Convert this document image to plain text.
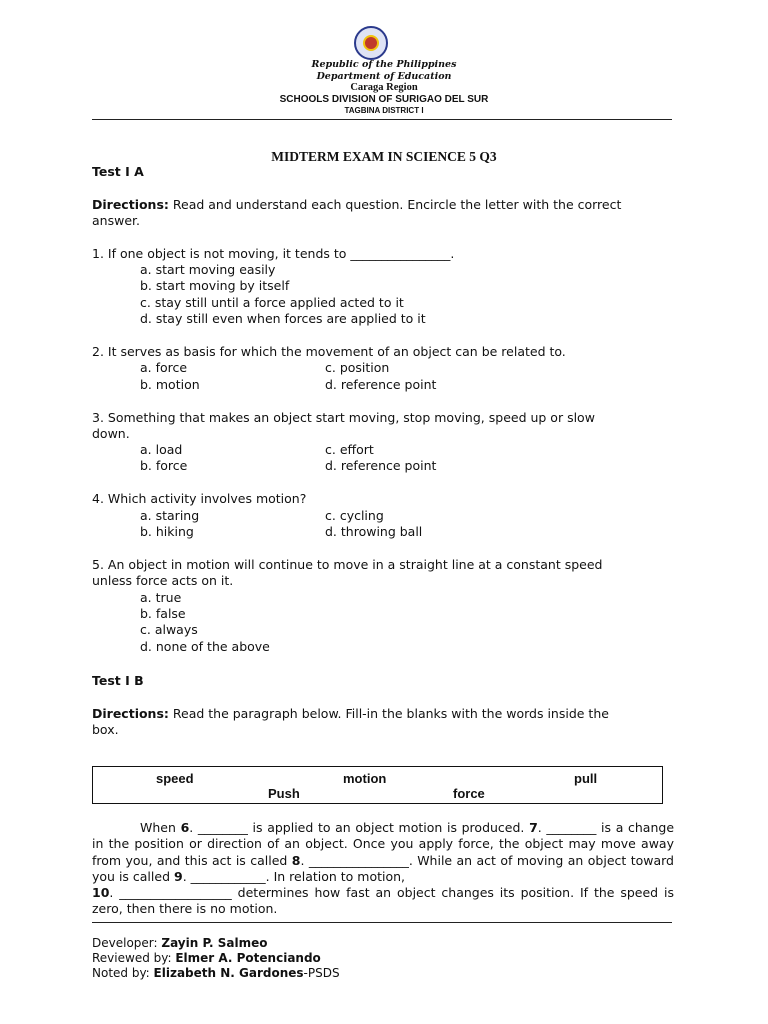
Republic of the Philippines
Department of Education
Caraga Region
SCHOOLS DIVISION OF SURIGAO DEL SUR
TAGBINA DISTRICT I
MIDTERM EXAM IN SCIENCE 5 Q3
Test I A
Directions: Read and understand each question. Encircle the letter with the correct
answer.
1. If one object is not moving, it tends to ________________.
a. start moving easily
b. start moving by itself
c. stay still until a force applied acted to it
d. stay still even when forces are applied to it
2. It serves as basis for which the movement of an object can be related to.
a. force	c. position
b. motion	d. reference point
3. Something that makes an object start moving, stop moving, speed up or slow
down.
a. load	c. effort
b. force	d. reference point
4. Which activity involves motion?
a. staring	c. cycling
b. hiking	d. throwing ball
5. An object in motion will continue to move in a straight line at a constant speed
unless force acts on it.
a. true
b. false
c. always
d. none of the above
Test I B
Directions: Read the paragraph below. Fill-in the blanks with the words inside the
box.
speed	motion	pull
Push	force

When 6. ________ is applied to an object motion is produced. 7. ________ is a change in the position or direction of an object. Once you apply force, the object may move away from you, and this act is called 8. ________________. While an act of moving an object toward you is called 9. ____________. In relation to motion,

10. __________________ determines how fast an object changes its position. If the speed is zero, then there is no motion.

Developer: Zayin P. Salmeo
Reviewed by: Elmer A. Potenciando
Noted by: Elizabeth N. Gardones-PSDS
